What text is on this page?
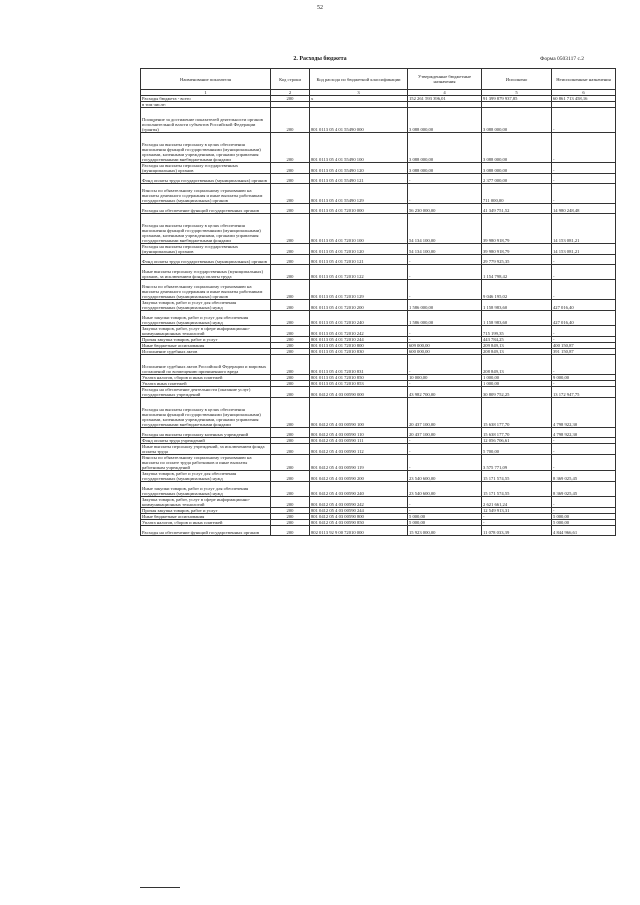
52
2. Расходы бюджета	Форма 0503117 с.2
Наименование показателя	Код строки	Код расхода по бюджетной классификации	Утвержденные бюджетные назначения	Исполнено	Неисполненные назначения
1	2	3	4	5	6
Расходы бюджета - всего	200	x	152 261 593 396,01	91 399 879 937,85	60 861 713 458,16
в том числе:					
Поощрение за достижение показателей деятельности органов исполнительной власти субъектов Российской Федерации (гранты)	200	801 0113 05 4 01 55490 000	3 088 000,00	3 088 000,00	-
Расходы на выплаты персоналу в целях обеспечения выполнения функций государственными (муниципальными) органами, казенными учреждениями, органами управления государственными внебюджетными фондами	200	801 0113 05 4 01 55490 100	3 088 000,00	3 088 000,00	-
Расходы на выплаты персоналу государственных (муниципальных) органов	200	801 0113 05 4 01 55490 120	3 088 000,00	3 088 000,00	-
Фонд оплаты труда государственных (муниципальных) органов	200	801 0113 05 4 01 55490 121	-	2 377 000,00	-
Взносы по обязательному социальному страхованию на выплаты денежного содержания и иные выплаты работникам государственных (муниципальных) органов	200	801 0113 05 4 01 55490 129	-	711 000,00	-
Расходы на обеспечение функций государственных органов	200	801 0113 05 4 01 72010 000	56 230 000,00	41 349 751,52	14 980 248,48
Расходы на выплаты персоналу в целях обеспечения выполнения функций государственными (муниципальными) органами, казенными учреждениями, органами управления государственными внебюджетными фондами	200	801 0113 05 4 01 72010 100	54 134 100,00	39 980 918,79	14 153 081,21
Расходы на выплаты персоналу государственных (муниципальных) органов	200	801 0113 05 4 01 72010 120	54 134 100,00	39 980 918,79	14 153 081,21
Фонд оплаты труда государственных (муниципальных) органов	200	801 0113 05 4 01 72010 121	-	29 779 925,35	-
Иные выплаты персоналу государственных (муниципальных) органов, за исключением фонда оплаты труда	200	801 0113 05 4 01 72010 122	-	1 154 798,42	-
Взносы по обязательному социальному страхованию на выплаты денежного содержания и иные выплаты работникам государственных (муниципальных) органов	200	801 0113 05 4 01 72010 129	-	9 046 195,02	-
Закупка товаров, работ и услуг для обеспечения государственных (муниципальных) нужд	200	801 0113 05 4 01 72010 200	1 586 000,00	1 158 983,60	427 016,40
Иные закупки товаров, работ и услуг для обеспечения государственных (муниципальных) нужд	200	801 0113 05 4 01 72010 240	1 586 000,00	1 158 983,60	427 016,40
Закупка товаров, работ, услуг в сфере информационно-коммуникационных технологий	200	801 0113 05 4 01 72010 242	-	715 199,35	-
Прочая закупка товаров, работ и услуг	200	801 0113 05 4 01 72010 244	-	443 784,25	-
Иные бюджетные ассигнования	200	801 0113 05 4 01 72010 800	609 000,00	209 849,13	400 150,87
Исполнение судебных актов	200	801 0113 05 4 01 72010 830	600 000,00	208 849,13	391 150,87
Исполнение судебных актов Российской Федерации и мировых соглашений по возмещению причиненного вреда	200	801 0113 05 4 01 72010 831	-	208 849,13	-
Уплата налогов, сборов и иных платежей	200	801 0113 05 4 01 72010 850	10 000,00	1 000,00	9 000,00
Уплата иных платежей	200	801 0113 05 4 01 72010 853	-	1 000,00	-
Расходы на обеспечение деятельности (оказание услуг) государственных учреждений	200	801 0412 05 4 03 00590 000	43 982 700,00	30 809 752,25	13 172 947,75
Расходы на выплаты персоналу в целях обеспечения выполнения функций государственными (муниципальными) органами, казенными учреждениями, органами управления государственными внебюджетными фондами	200	801 0412 05 4 03 00590 100	20 437 100,00	15 638 177,70	4 798 922,30
Расходы на выплаты персоналу казенных учреждений	200	801 0412 05 4 03 00590 110	20 437 100,00	15 638 177,70	4 798 922,30
Фонд оплаты труда учреждений	200	801 0412 05 4 03 00590 111	-	12 056 706,61	-
Иные выплаты персоналу учреждений, за исключением фонда оплаты труда	200	801 0412 05 4 03 00590 112	-	5 700,00	-
Взносы по обязательному социальному страхованию на выплаты по оплате труда работников и иные выплаты работникам учреждений	200	801 0412 05 4 03 00590 119	-	3 575 771,09	-
Закупка товаров, работ и услуг для обеспечения государственных (муниципальных) нужд	200	801 0412 05 4 03 00590 200	23 540 600,00	15 171 574,55	8 369 025,45
Иные закупки товаров, работ и услуг для обеспечения государственных (муниципальных) нужд	200	801 0412 05 4 03 00590 240	23 540 600,00	15 171 574,55	8 369 025,45
Закупка товаров, работ, услуг в сфере информационно-коммуникационных технологий	200	801 0412 05 4 03 00590 242	-	2 621 661,24	-
Прочая закупка товаров, работ и услуг	200	801 0412 05 4 03 00590 244	-	12 549 913,31	-
Иные бюджетные ассигнования	200	801 0412 05 4 03 00590 800	5 000,00	-	5 000,00
Уплата налогов, сборов и иных платежей	200	801 0412 05 4 03 00590 850	5 000,00	-	5 000,00
Расходы на обеспечение функций государственных органов	200	802 0113 92 9 00 72010 000	15 923 000,00	11 078 033,39	4 844 966,61
